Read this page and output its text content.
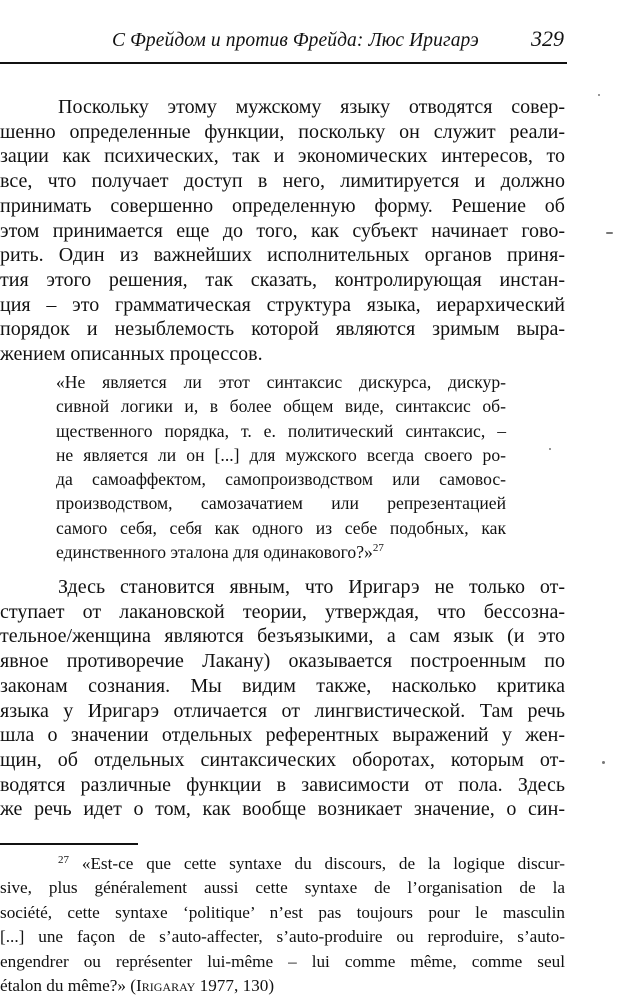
С Фрейдом и против Фрейда: Люс Иригарэ 329
Поскольку этому мужскому языку отводятся совер-
шенно определенные функции, поскольку он служит реали-
зации как психических, так и экономических интересов, то
все, что получает доступ в него, лимитируется и должно
принимать совершенно определенную форму. Решение об
этом принимается еще до того, как субъект начинает гово-
рить. Один из важнейших исполнительных органов приня-
тия этого решения, так сказать, контролирующая инстан-
ция – это грамматическая структура языка, иерархический
порядок и незыблемость которой являются зримым выра-
жением описанных процессов.
«Не является ли этот синтаксис дискурса, дискур-
сивной логики и, в более общем виде, синтаксис об-
щественного порядка, т. е. политический синтаксис, –
не является ли он [...] для мужского всегда своего ро-
да самоаффектом, самопроизводством или самовос-
производством, самозачатием или репрезентацией
самого себя, себя как одного из себе подобных, как
единственного эталона для одинакового?»$^{27}$
Здесь становится явным, что Иригарэ не только от-
ступает от лакановской теории, утверждая, что бессозна-
тельное/женщина являются безъязыкими, а сам язык (и это
явное противоречие Лакану) оказывается построенным по
законам сознания. Мы видим также, насколько критика
языка у Иригарэ отличается от лингвистической. Там речь
шла о значении отдельных референтных выражений у жен-
щин, об отдельных синтаксических оборотах, которым от-
водятся различные функции в зависимости от пола. Здесь
же речь идет о том, как вообще возникает значение, о син-
$^{27}$ «Est-ce que cette syntaxe du discours, de la logique discur-
sive, plus généralement aussi cette syntaxe de l’organisation de la
société, cette syntaxe ‘politique’ n’est pas toujours pour le masculin
[...] une façon de s’auto-affecter, s’auto-produire ou reproduire, s’auto-
engendrer ou représenter lui-même – lui comme même, comme seul
étalon du même?» (Irigaray 1977, 130)
